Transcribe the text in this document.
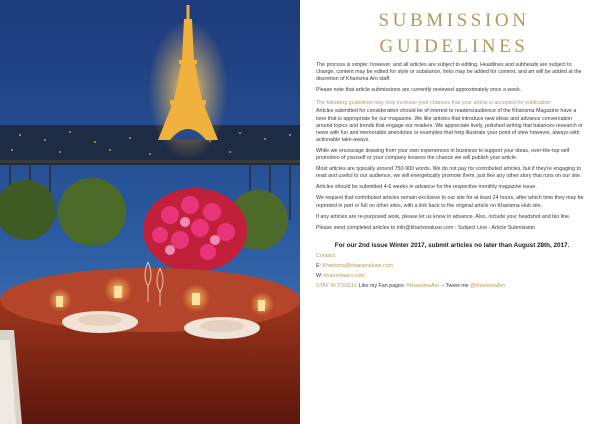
SUBMISSION
GUIDELINES

The process is simple; however, and all articles are subject to editing. Headlines and subheads are subject to change, content may be edited for style or substance, links may be added for context, and art will be added at the discretion of Kharisma Aro staff.

Please note that article submissions are currently reviewed approximately once a week.

The following guidelines may help increase your chances that your article is accepted for publication:

Articles submitted for consideration should be of interest to readers/audience of the Kharisma Magazine have a tone that is appropriate for our magazine. We like articles that introduce new ideas and advance conversation around topics and trends that engage our readers. We appreciate lively, polished writing that balances research or news with fun and memorable anecdotes or examples that help illustrate your point of view however, always with actionable take-aways.

While we encourage drawing from your own experiences in business to support your ideas, over-the-top self promotion of yourself or your company lessens the chance we will publish your article.

Most articles are typically around 750-900 words. We do not pay for contributed articles, but if they're engaging to read and useful to our audience, we will energetically promote them, just like any other story that runs on our site.

Articles should be submitted 4-6 weeks in advance for the respective monthly magazine issue.

We request that contributed articles remain exclusive to our site for at least 24 hours, after which time they may be reprinted in part or full on other sites, with a link back to the original article on Kharisma Hub site.

If any articles are re-purposed work, please let us know in advance. Also, include your headshot and bio line.

Please send completed articles to info@kharismaluxe.com - Subject Line - Article Submission

For our 2nd issue Winter 2017, submit articles no later than August 28th, 2017.
Contact:
E: Kharisma@kharismaluxe.com
W: kharismaaro.com
STAY IN TOUCH: Like my Fan pages: #kharismaAro -- Tweet me @kharismaAro
